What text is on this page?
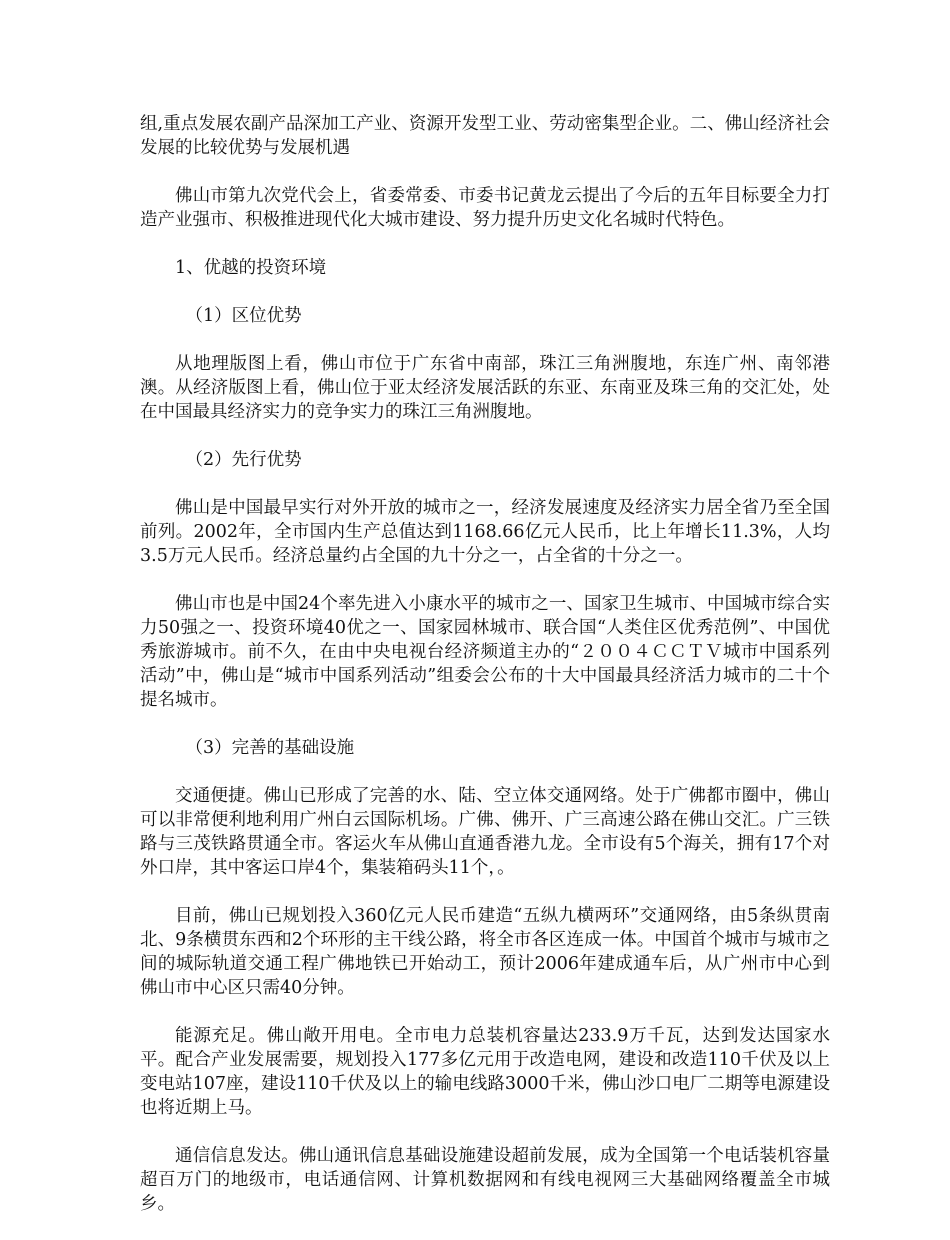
组,重点发展农副产品深加工产业、资源开发型工业、劳动密集型企业。二、佛山经济社会发展的比较优势与发展机遇

佛山市第九次党代会上，省委常委、市委书记黄龙云提出了今后的五年目标要全力打造产业强市、积极推进现代化大城市建设、努力提升历史文化名城时代特色。

1、优越的投资环境

（1）区位优势

从地理版图上看，佛山市位于广东省中南部，珠江三角洲腹地，东连广州、南邻港澳。从经济版图上看，佛山位于亚太经济发展活跃的东亚、东南亚及珠三角的交汇处，处在中国最具经济实力的竞争实力的珠江三角洲腹地。

（2）先行优势

佛山是中国最早实行对外开放的城市之一，经济发展速度及经济实力居全省乃至全国前列。2002年，全市国内生产总值达到1168.66亿元人民币，比上年增长11.3%，人均3.5万元人民币。经济总量约占全国的九十分之一，占全省的十分之一。

佛山市也是中国24个率先进入小康水平的城市之一、国家卫生城市、中国城市综合实力50强之一、投资环境40优之一、国家园林城市、联合国“人类住区优秀范例”、中国优秀旅游城市。前不久，在由中央电视台经济频道主办的“２００４ＣＣＴＶ城市中国系列活动”中，佛山是“城市中国系列活动”组委会公布的十大中国最具经济活力城市的二十个提名城市。

（3）完善的基础设施

交通便捷。佛山已形成了完善的水、陆、空立体交通网络。处于广佛都市圈中，佛山可以非常便利地利用广州白云国际机场。广佛、佛开、广三高速公路在佛山交汇。广三铁路与三茂铁路贯通全市。客运火车从佛山直通香港九龙。全市设有5个海关，拥有17个对外口岸，其中客运口岸4个，集装箱码头11个，。

目前，佛山已规划投入360亿元人民币建造“五纵九横两环”交通网络，由5条纵贯南北、9条横贯东西和2个环形的主干线公路，将全市各区连成一体。中国首个城市与城市之间的城际轨道交通工程广佛地铁已开始动工，预计2006年建成通车后，从广州市中心到佛山市中心区只需40分钟。

能源充足。佛山敞开用电。全市电力总装机容量达233.9万千瓦，达到发达国家水平。配合产业发展需要，规划投入177多亿元用于改造电网，建设和改造110千伏及以上变电站107座，建设110千伏及以上的输电线路3000千米，佛山沙口电厂二期等电源建设也将近期上马。

通信信息发达。佛山通讯信息基础设施建设超前发展，成为全国第一个电话装机容量超百万门的地级市，电话通信网、计算机数据网和有线电视网三大基础网络覆盖全市城乡。
